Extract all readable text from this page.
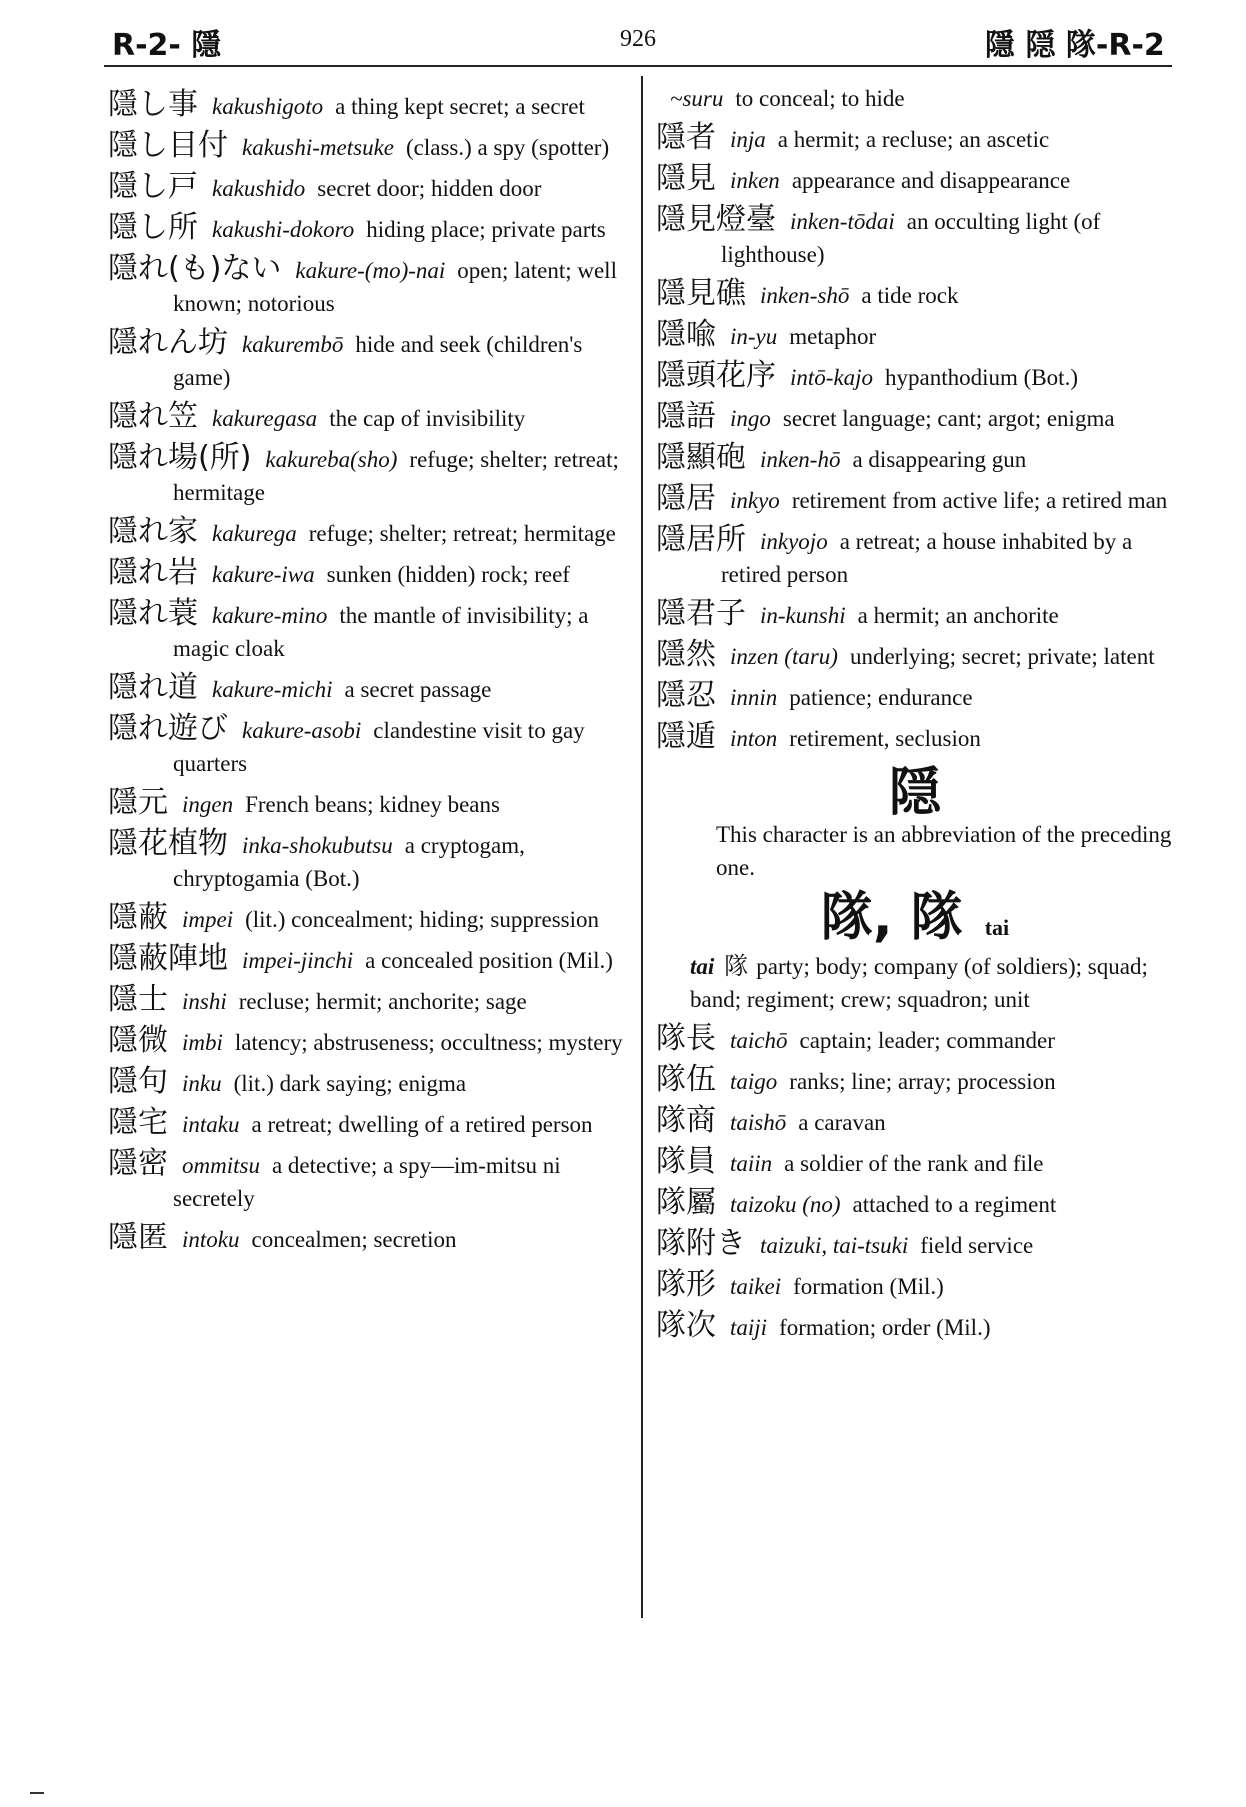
R-2- 隱	926	隱 隠 隊-R-2
隱し事 kakushigoto a thing kept secret; a secret
隱し目付 kakushi-metsuke (class.) a spy (spotter)
隱し戸 kakushido secret door; hidden door
隱し所 kakushi-dokoro hiding place; private parts
隱れ(も)ない kakure-(mo)-nai open; latent; well known; notorious
隱れん坊 kakurembō hide and seek (children's game)
隱れ笠 kakuregasa the cap of invisibility
隱れ場(所) kakureba(sho) refuge; shelter; retreat; hermitage
隱れ家 kakurega refuge; shelter; retreat; hermitage
隱れ岩 kakure-iwa sunken (hidden) rock; reef
隱れ蓑 kakure-mino the mantle of invisibility; a magic cloak
隱れ道 kakure-michi a secret passage
隱れ遊び kakure-asobi clandestine visit to gay quarters
隱元 ingen French beans; kidney beans
隱花植物 inka-shokubutsu a cryptogam, chryptogamia (Bot.)
隱蔽 impei (lit.) concealment; hiding; suppression
隱蔽陣地 impei-jinchi a concealed position (Mil.)
隱士 inshi recluse; hermit; anchorite; sage
隱微 imbi latency; abstruseness; occultness; mystery
隱句 inku (lit.) dark saying; enigma
隱宅 intaku a retreat; dwelling of a retired person
隱密 ommitsu a detective; a spy—im-mitsu ni secretely
隱匿 intoku concealmen; secretion
~suru to conceal; to hide
隱者 inja a hermit; a recluse; an ascetic
隱見 inken appearance and disappearance
隱見燈臺 inken-tōdai an occulting light (of lighthouse)
隱見礁 inken-shō a tide rock
隱喩 in-yu metaphor
隱頭花序 intō-kajo hypanthodium (Bot.)
隱語 ingo secret language; cant; argot; enigma
隱顯砲 inken-hō a disappearing gun
隱居 inkyo retirement from active life; a retired man
隱居所 inkyojo a retreat; a house inhabited by a retired person
隱君子 in-kunshi a hermit; an anchorite
隱然 inzen (taru) underlying; secret; private; latent
隱忍 innin patience; endurance
隱遁 inton retirement, seclusion
隠
This character is an abbreviation of the preceding one.
隊, 隊 tai
tai 隊 party; body; company (of soldiers); squad; band; regiment; crew; squadron; unit
隊長 taichō captain; leader; commander
隊伍 taigo ranks; line; array; procession
隊商 taishō a caravan
隊員 taiin a soldier of the rank and file
隊屬 taizoku (no) attached to a regiment
隊附き taizuki, tai-tsuki field service
隊形 taikei formation (Mil.)
隊次 taiji formation; order (Mil.)
